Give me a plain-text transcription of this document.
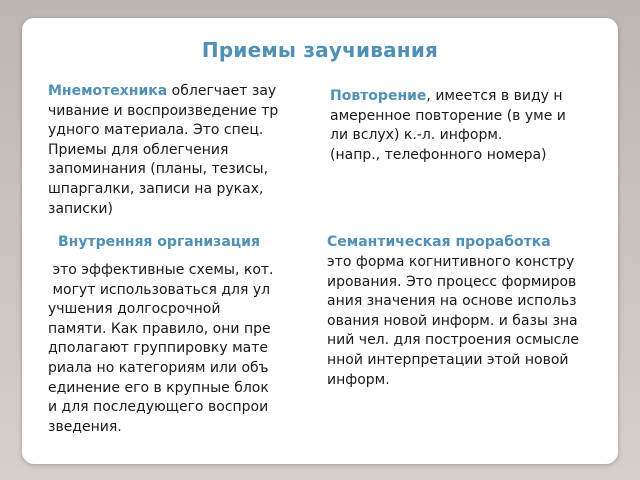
Приемы заучивания
Мнемотехника облегчает зау
чивание и воспроизведение тр
удного материала. Это спец.
Приемы для облегчения
запоминания (планы, тезисы,
шпаргалки, записи на руках,
записки)
Повторение, имеется в виду н
амеренное повторение (в уме и
ли вслух) к.-л. информ.
(напр., телефонного номера)
Внутренняя организация
это эффективные схемы, кот.
могут использоваться для ул
учшения долгосрочной
памяти. Как правило, они пре
дполагают группировку мате
риала но категориям или объ
единение его в крупные блок
и для последующего воспрои
зведения.
Семантическая проработка
это форма когнитивного констру
ирования. Это процесс формиров
ания значения на основе использ
ования новой информ. и базы зна
ний чел. для построения осмысле
нной интерпретации этой новой
информ.
